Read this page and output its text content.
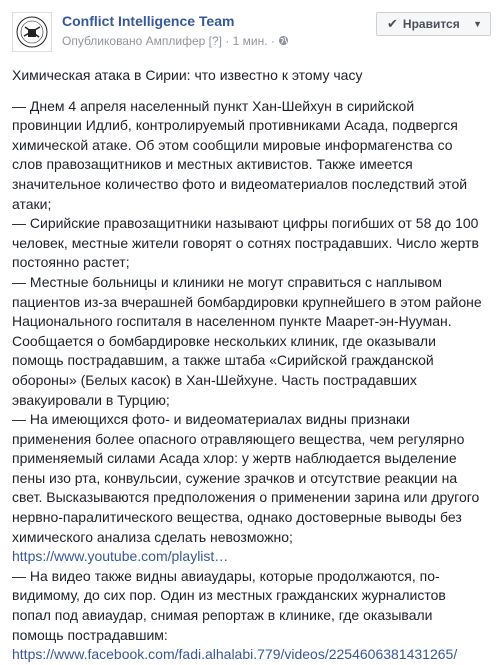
Conflict Intelligence Team
Опубликовано Амплифер [?] · 1 мин. ·
✔ Нравится ▼

Химическая атака в Сирии: что известно к этому часу

— Днем 4 апреля населенный пункт Хан-Шейхун в сирийской

провинции Идлиб, контролируемый противниками Асада, подвергся

химической атаке. Об этом сообщили мировые информагенства со

слов правозащитников и местных активистов. Также имеется

значительное количество фото и видеоматериалов последствий этой

атаки;

— Сирийские правозащитники называют цифры погибших от 58 до 100

человек, местные жители говорят о сотнях пострадавших. Число жертв

постоянно растет;

— Местные больницы и клиники не могут справиться с наплывом

пациентов из-за вчерашней бомбардировки крупнейшего в этом районе

Национального госпиталя в населенном пункте Маарет-эн-Нууман.

Сообщается о бомбардировке нескольких клиник, где оказывали

помощь пострадавшим, а также штаба «Сирийской гражданской

обороны» (Белых касок) в Хан-Шейхуне. Часть пострадавших

эвакуировали в Турцию;

— На имеющихся фото- и видеоматериалах видны признаки

применения более опасного отравляющего вещества, чем регулярно

применяемый силами Асада хлор: у жертв наблюдается выделение

пены изо рта, конвульсии, сужение зрачков и отсутствие реакции на

свет. Высказываются предположения о применении зарина или другого

нервно-паралитического вещества, однако достоверные выводы без

химического анализа сделать невозможно;

https://www.youtube.com/playlist…

— На видео также видны авиаудары, которые продолжаются, по-

видимому, до сих пор. Один из местных гражданских журналистов

попал под авиаудар, снимая репортаж в клинике, где оказывали

помощь пострадавшим:

https://www.facebook.com/fadi.alhalabi.779/videos/2254606381431265/
